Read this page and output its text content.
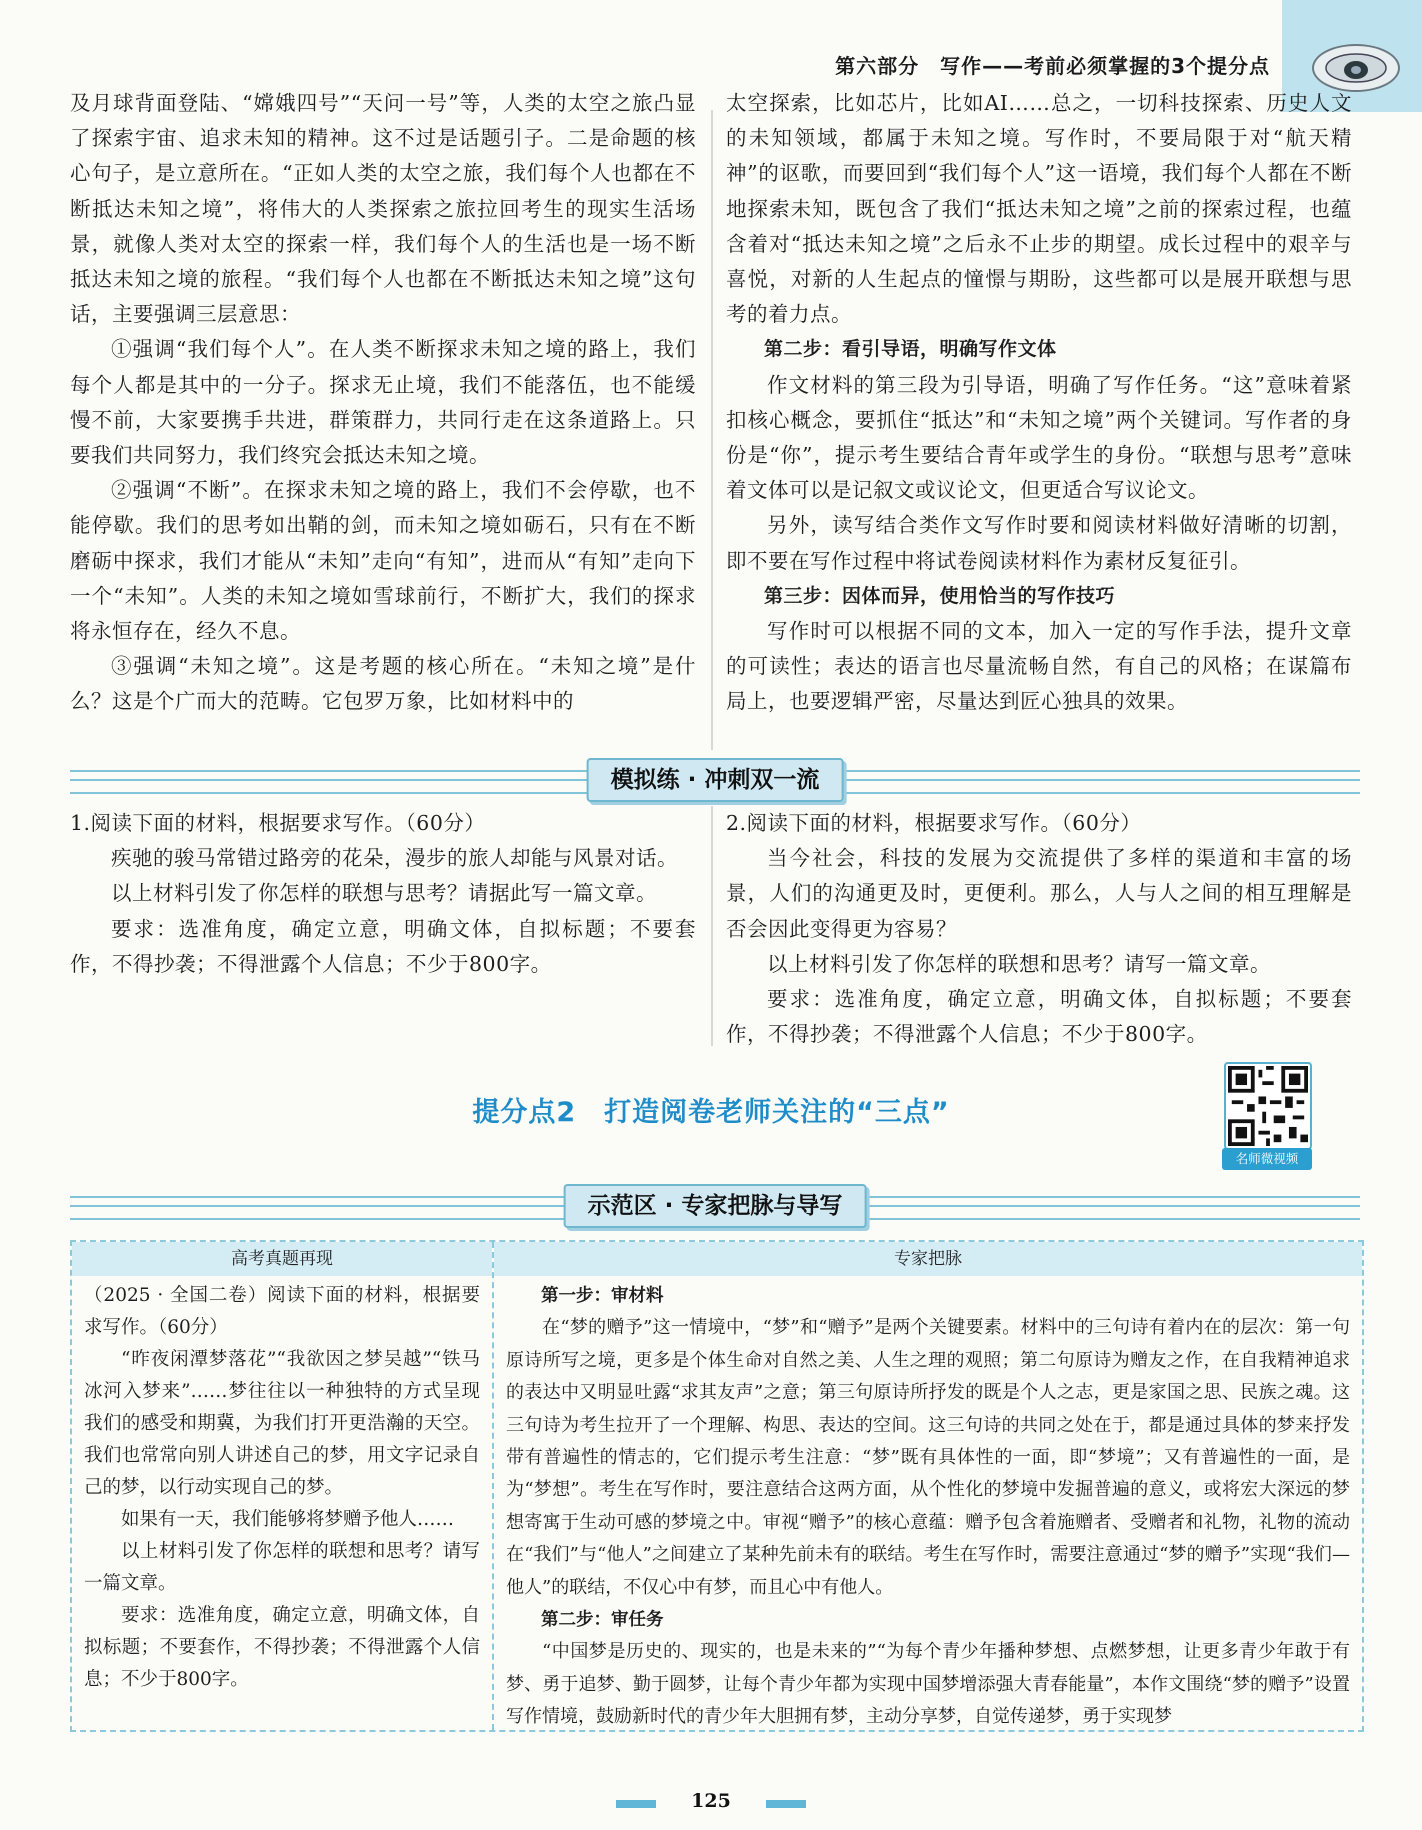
第六部分　写作——考前必须掌握的3个提分点

及月球背面登陆、“嫦娥四号”“天问一号”等，人类的太空之旅凸显了探索宇宙、追求未知的精神。这不过是话题引子。二是命题的核心句子，是立意所在。“正如人类的太空之旅，我们每个人也都在不断抵达未知之境”，将伟大的人类探索之旅拉回考生的现实生活场景，就像人类对太空的探索一样，我们每个人的生活也是一场不断抵达未知之境的旅程。“我们每个人也都在不断抵达未知之境”这句话，主要强调三层意思：

①强调“我们每个人”。在人类不断探求未知之境的路上，我们每个人都是其中的一分子。探求无止境，我们不能落伍，也不能缓慢不前，大家要携手共进，群策群力，共同行走在这条道路上。只要我们共同努力，我们终究会抵达未知之境。

②强调“不断”。在探求未知之境的路上，我们不会停歇，也不能停歇。我们的思考如出鞘的剑，而未知之境如砺石，只有在不断磨砺中探求，我们才能从“未知”走向“有知”，进而从“有知”走向下一个“未知”。人类的未知之境如雪球前行，不断扩大，我们的探求将永恒存在，经久不息。

③强调“未知之境”。这是考题的核心所在。“未知之境”是什么？这是个广而大的范畴。它包罗万象，比如材料中的

太空探索，比如芯片，比如AI……总之，一切科技探索、历史人文的未知领域，都属于未知之境。写作时，不要局限于对“航天精神”的讴歌，而要回到“我们每个人”这一语境，我们每个人都在不断地探索未知，既包含了我们“抵达未知之境”之前的探索过程，也蕴含着对“抵达未知之境”之后永不止步的期望。成长过程中的艰辛与喜悦，对新的人生起点的憧憬与期盼，这些都可以是展开联想与思考的着力点。

第二步：看引导语，明确写作文体

作文材料的第三段为引导语，明确了写作任务。“这”意味着紧扣核心概念，要抓住“抵达”和“未知之境”两个关键词。写作者的身份是“你”，提示考生要结合青年或学生的身份。“联想与思考”意味着文体可以是记叙文或议论文，但更适合写议论文。

另外，读写结合类作文写作时要和阅读材料做好清晰的切割，即不要在写作过程中将试卷阅读材料作为素材反复征引。

第三步：因体而异，使用恰当的写作技巧

写作时可以根据不同的文本，加入一定的写作手法，提升文章的可读性；表达的语言也尽量流畅自然，有自己的风格；在谋篇布局上，也要逻辑严密，尽量达到匠心独具的效果。

模拟练 · 冲刺双一流

1.阅读下面的材料，根据要求写作。（60分）

疾驰的骏马常错过路旁的花朵，漫步的旅人却能与风景对话。

以上材料引发了你怎样的联想与思考？请据此写一篇文章。

要求：选准角度，确定立意，明确文体，自拟标题；不要套作，不得抄袭；不得泄露个人信息；不少于800字。

2.阅读下面的材料，根据要求写作。（60分）

当今社会，科技的发展为交流提供了多样的渠道和丰富的场景，人们的沟通更及时，更便利。那么，人与人之间的相互理解是否会因此变得更为容易？

以上材料引发了你怎样的联想和思考？请写一篇文章。

要求：选准角度，确定立意，明确文体，自拟标题；不要套作，不得抄袭；不得泄露个人信息；不少于800字。

提分点2　打造阅卷老师关注的“三点”
名师微视频
示范区 · 专家把脉与导写
高考真题再现	专家把脉

（2025 · 全国二卷）阅读下面的材料，根据要求写作。（60分）

“昨夜闲潭梦落花”“我欲因之梦吴越”“铁马冰河入梦来”……梦往往以一种独特的方式呈现我们的感受和期冀，为我们打开更浩瀚的天空。我们也常常向别人讲述自己的梦，用文字记录自己的梦，以行动实现自己的梦。

如果有一天，我们能够将梦赠予他人……

以上材料引发了你怎样的联想和思考？请写一篇文章。

要求：选准角度，确定立意，明确文体，自拟标题；不要套作，不得抄袭；不得泄露个人信息；不少于800字。

第一步：审材料

在“梦的赠予”这一情境中，“梦”和“赠予”是两个关键要素。材料中的三句诗有着内在的层次：第一句原诗所写之境，更多是个体生命对自然之美、人生之理的观照；第二句原诗为赠友之作，在自我精神追求的表达中又明显吐露“求其友声”之意；第三句原诗所抒发的既是个人之志，更是家国之思、民族之魂。这三句诗为考生拉开了一个理解、构思、表达的空间。这三句诗的共同之处在于，都是通过具体的梦来抒发带有普遍性的情志的，它们提示考生注意：“梦”既有具体性的一面，即“梦境”；又有普遍性的一面，是为“梦想”。考生在写作时，要注意结合这两方面，从个性化的梦境中发掘普遍的意义，或将宏大深远的梦想寄寓于生动可感的梦境之中。审视“赠予”的核心意蕴：赠予包含着施赠者、受赠者和礼物，礼物的流动在“我们”与“他人”之间建立了某种先前未有的联结。考生在写作时，需要注意通过“梦的赠予”实现“我们—他人”的联结，不仅心中有梦，而且心中有他人。

第二步：审任务

“中国梦是历史的、现实的，也是未来的”“为每个青少年播种梦想、点燃梦想，让更多青少年敢于有梦、勇于追梦、勤于圆梦，让每个青少年都为实现中国梦增添强大青春能量”，本作文围绕“梦的赠予”设置写作情境，鼓励新时代的青少年大胆拥有梦，主动分享梦，自觉传递梦，勇于实现梦

125
